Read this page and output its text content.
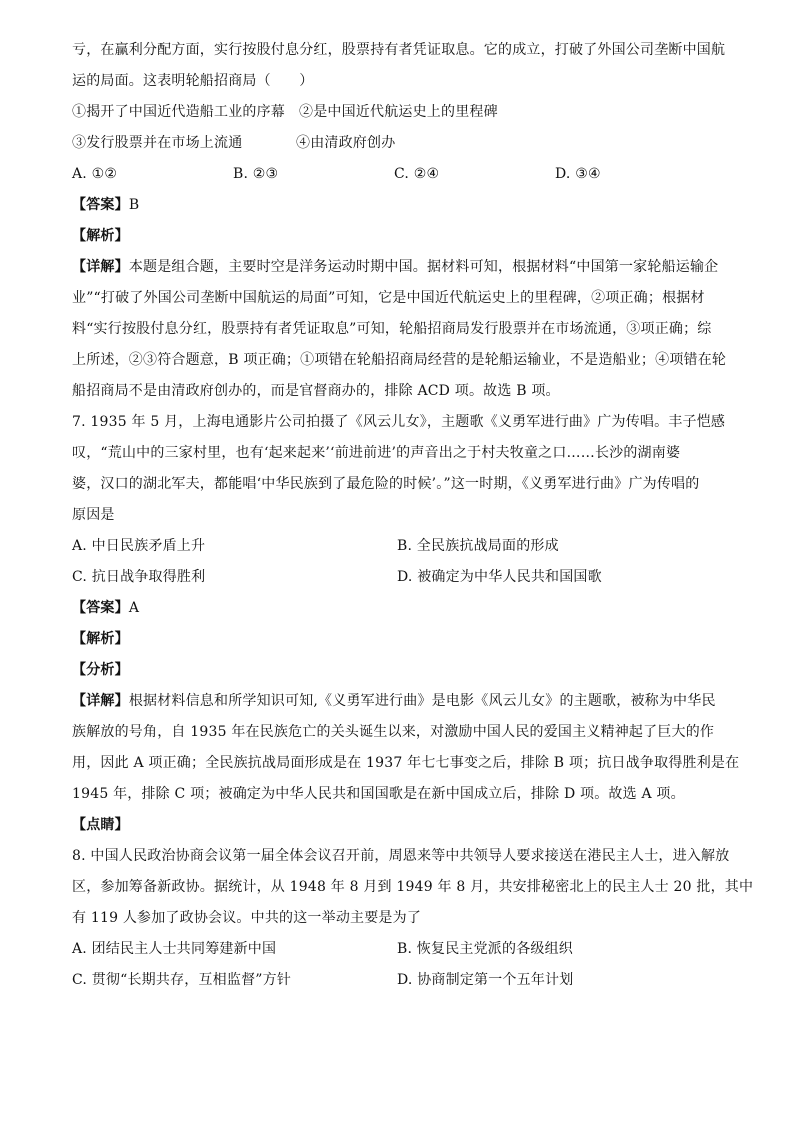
亏，在赢利分配方面，实行按股付息分红，股票持有者凭证取息。它的成立，打破了外国公司垄断中国航
运的局面。这表明轮船招商局（　　）
①揭开了中国近代造船工业的序幕 ②是中国近代航运史上的里程碑
③发行股票并在市场上流通	④由清政府创办
A. ①②	B. ②③	C. ②④	D. ③④
【答案】B
【解析】
【详解】本题是组合题，主要时空是洋务运动时期中国。据材料可知，根据材料“中国第一家轮船运输企
业”“打破了外国公司垄断中国航运的局面”可知，它是中国近代航运史上的里程碑，②项正确；根据材
料“实行按股付息分红，股票持有者凭证取息”可知，轮船招商局发行股票并在市场流通，③项正确；综
上所述，②③符合题意，B 项正确；①项错在轮船招商局经营的是轮船运输业，不是造船业；④项错在轮
船招商局不是由清政府创办的，而是官督商办的，排除 ACD 项。故选 B 项。
7. 1935 年 5 月，上海电通影片公司拍摄了《风云儿女》，主题歌《义勇军进行曲》广为传唱。丰子恺感
叹，“荒山中的三家村里，也有‘起来起来’‘前进前进’的声音出之于村夫牧童之口……长沙的湖南婆
婆，汉口的湖北军夫，都能唱‘中华民族到了最危险的时候’。”这一时期，《义勇军进行曲》广为传唱的
原因是
A. 中日民族矛盾上升	B. 全民族抗战局面的形成
C. 抗日战争取得胜利	D. 被确定为中华人民共和国国歌
【答案】A
【解析】
【分析】
【详解】根据材料信息和所学知识可知,《义勇军进行曲》是电影《风云儿女》的主题歌，被称为中华民
族解放的号角，自 1935 年在民族危亡的关头诞生以来，对激励中国人民的爱国主义精神起了巨大的作
用，因此 A 项正确；全民族抗战局面形成是在 1937 年七七事变之后，排除 B 项；抗日战争取得胜利是在
1945 年，排除 C 项；被确定为中华人民共和国国歌是在新中国成立后，排除 D 项。故选 A 项。
【点睛】
8. 中国人民政治协商会议第一届全体会议召开前，周恩来等中共领导人要求接送在港民主人士，进入解放
区，参加筹备新政协。据统计，从 1948 年 8 月到 1949 年 8 月，共安排秘密北上的民主人士 20 批，其中
有 119 人参加了政协会议。中共的这一举动主要是为了
A. 团结民主人士共同筹建新中国	B. 恢复民主党派的各级组织
C. 贯彻“长期共存，互相监督”方针	D. 协商制定第一个五年计划
